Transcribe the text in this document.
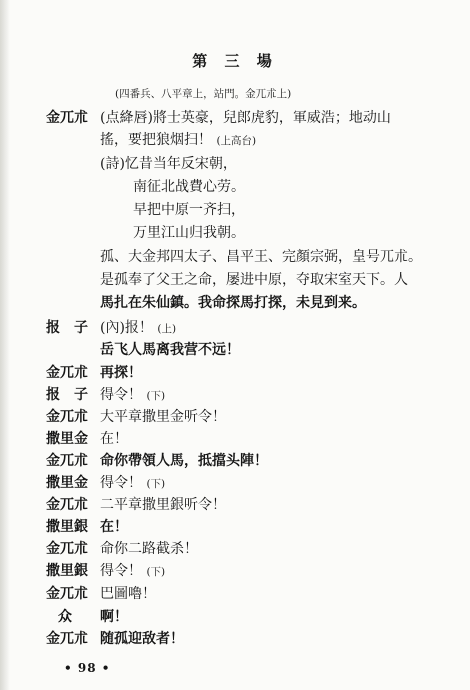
第 三 場
(四番兵、八平章上，站門。金兀朮上)
金兀朮 (点絳唇)將士英豪，兒郎虎豹，軍威浩；地动山
搖，要把狼烟扫！ (上高台)
(詩)忆昔当年反宋朝，
南征北战費心劳。
早把中原一齐扫，
万里江山归我朝。
孤、大金邦四太子、昌平王、完顏宗弼，皇号兀朮。
是孤奉了父王之命，屡进中原，夺取宋室天下。人
馬扎在朱仙鎮。我命探馬打探，未見到来。
报　子 (內)报！ (上)
岳飞人馬离我营不远！
金兀朮 再探！
报　子 得令！ (下)
金兀朮 大平章撒里金听令！
撒里金 在！
金兀朮 命你帶領人馬，抵擋头陣！
撒里金 得令！ (下)
金兀朮 二平章撒里銀听令！
撒里銀 在！
金兀朮 命你二路截杀！
撒里銀 得令！ (下)
金兀朮 巴圖嚕！
众 啊！
金兀朮 随孤迎敌者！
• 98 •
